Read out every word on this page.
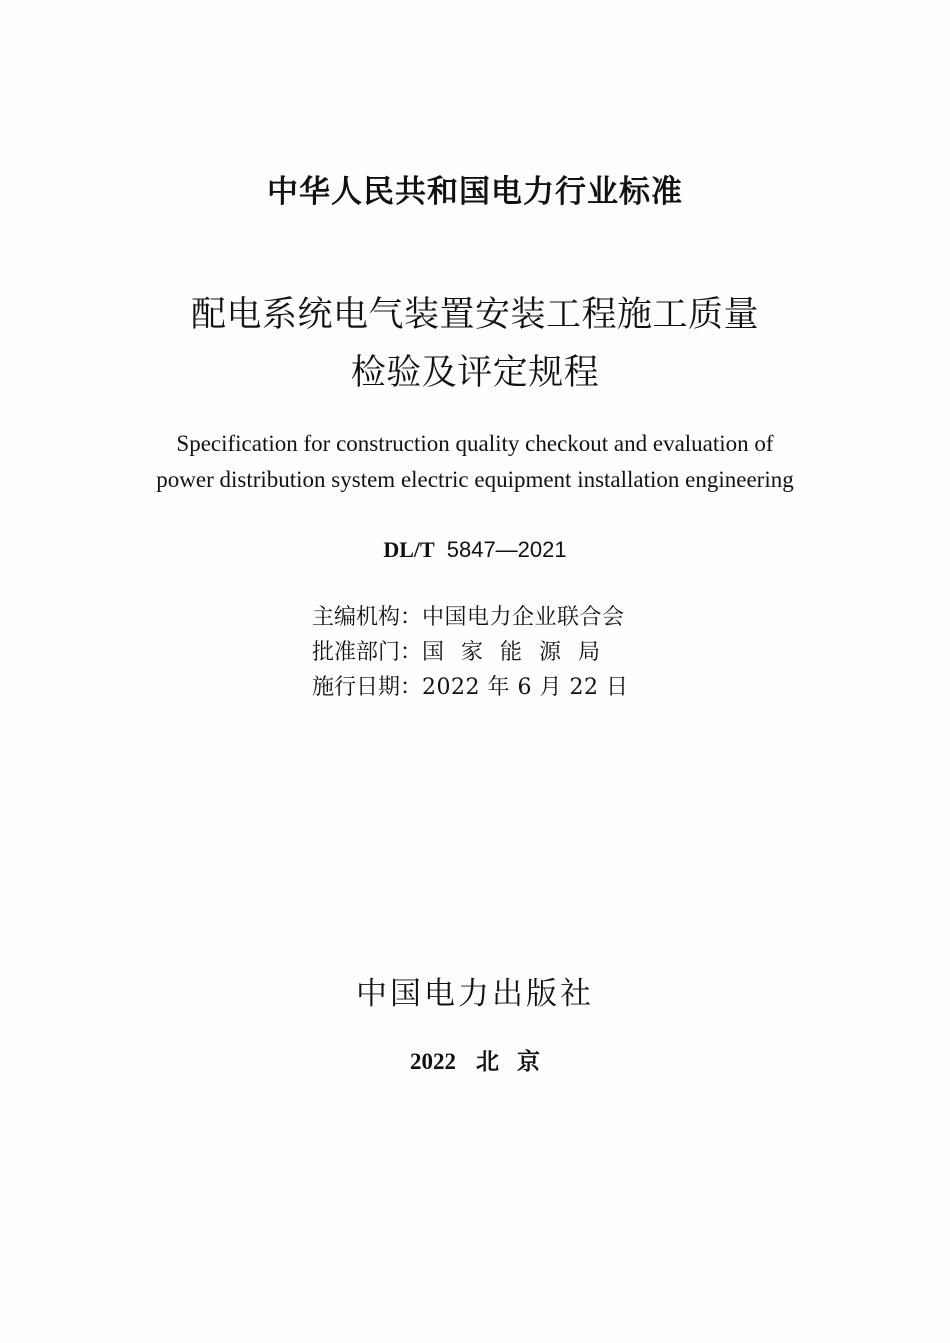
中华人民共和国电力行业标准
配电系统电气装置安装工程施工质量
检验及评定规程
Specification for construction quality checkout and evaluation of
power distribution system electric equipment installation engineering
DL/T 5847—2021
主编机构： 中国电力企业联合会
批准部门： 国家能源局
施行日期： 2022 年 6 月 22 日
中国电力出版社
2022 北京
